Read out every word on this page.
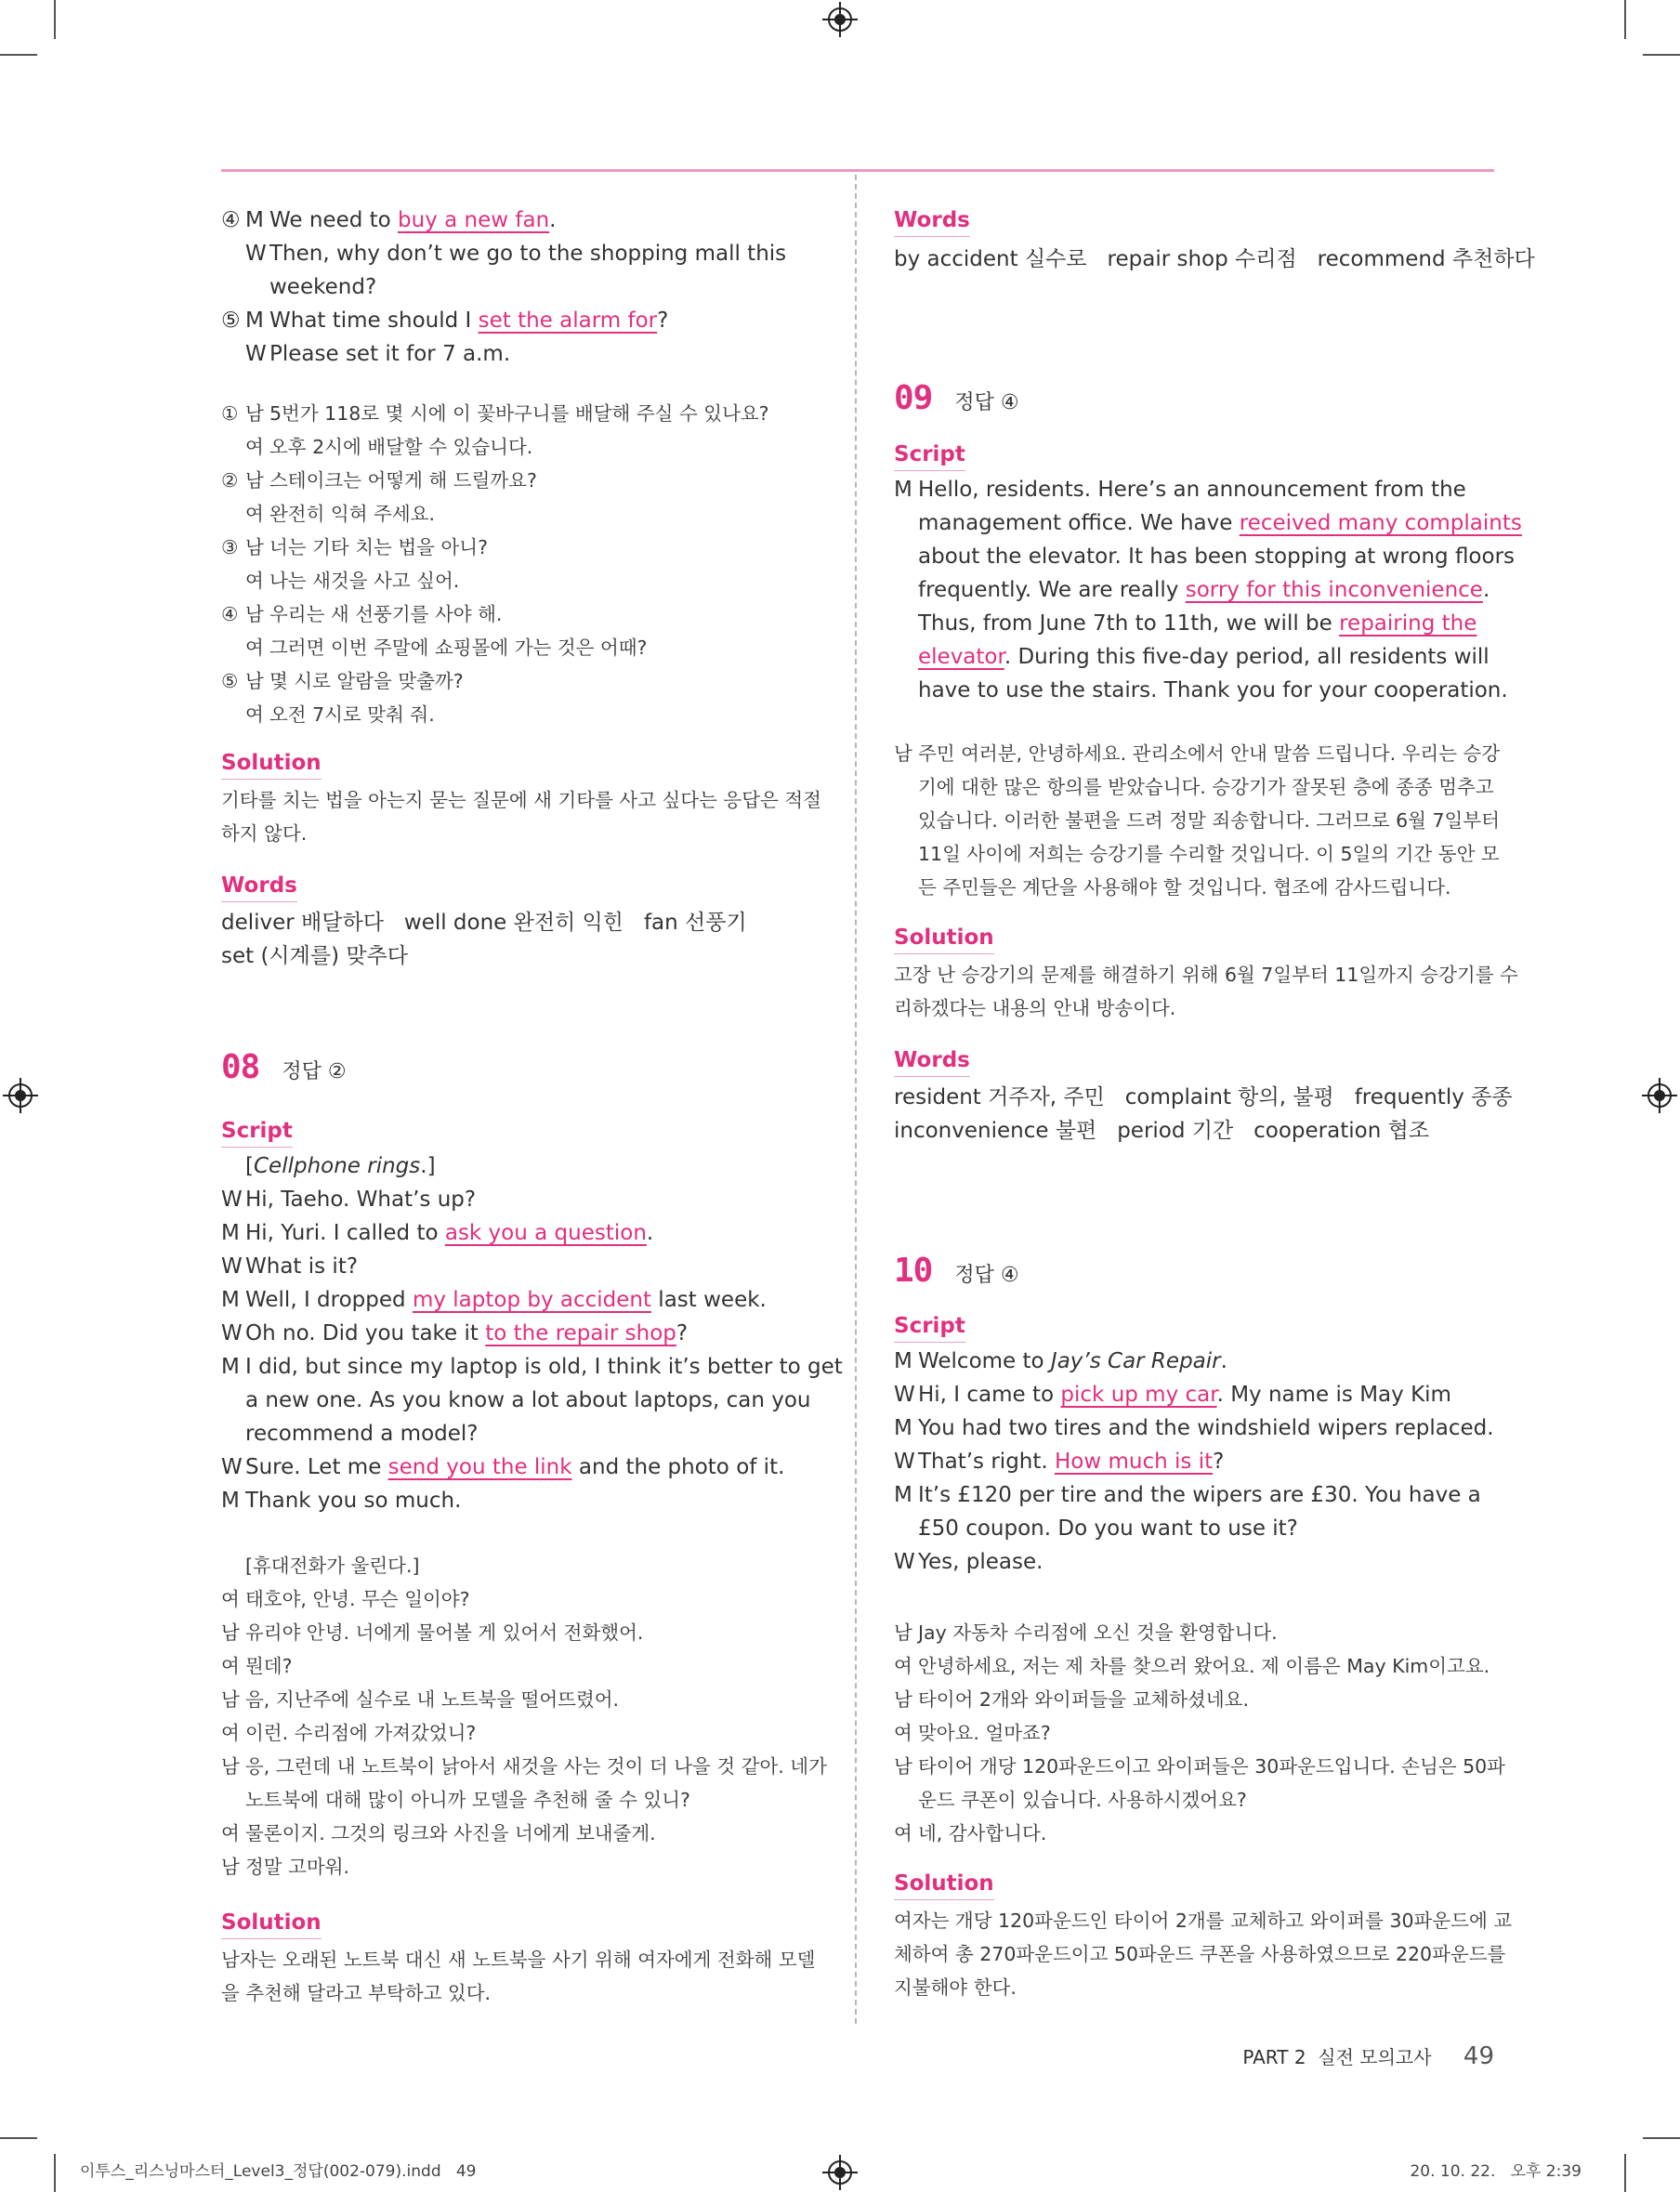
④ M We need to buy a new fan.
W Then, why don’t we go to the shopping mall this
weekend?
⑤ M What time should I set the alarm for?
W Please set it for 7 a.m.
① 남 5번가 118로 몇 시에 이 꽃바구니를 배달해 주실 수 있나요?
여 오후 2시에 배달할 수 있습니다.
② 남 스테이크는 어떻게 해 드릴까요?
여 완전히 익혀 주세요.
③ 남 너는 기타 치는 법을 아니?
여 나는 새것을 사고 싶어.
④ 남 우리는 새 선풍기를 사야 해.
여 그러면 이번 주말에 쇼핑몰에 가는 것은 어때?
⑤ 남 몇 시로 알람을 맞출까?
여 오전 7시로 맞춰 줘.
Solution
기타를 치는 법을 아는지 묻는 질문에 새 기타를 사고 싶다는 응답은 적절
하지 않다.
Words
deliver 배달하다   well done 완전히 익힌   fan 선풍기
set (시계를) 맞추다
08 정답 ②
Script
[Cellphone rings.]
W Hi, Taeho. What’s up?
M Hi, Yuri. I called to ask you a question.
W What is it?
M Well, I dropped my laptop by accident last week.
W Oh no. Did you take it to the repair shop?
M I did, but since my laptop is old, I think it’s better to get
a new one. As you know a lot about laptops, can you
recommend a model?
W Sure. Let me send you the link and the photo of it.
M Thank you so much.
[휴대전화가 울린다.]
여 태호야, 안녕. 무슨 일이야?
남 유리야 안녕. 너에게 물어볼 게 있어서 전화했어.
여 뭔데?
남 음, 지난주에 실수로 내 노트북을 떨어뜨렸어.
여 이런. 수리점에 가져갔었니?
남 응, 그런데 내 노트북이 낡아서 새것을 사는 것이 더 나을 것 같아. 네가
노트북에 대해 많이 아니까 모델을 추천해 줄 수 있니?
여 물론이지. 그것의 링크와 사진을 너에게 보내줄게.
남 정말 고마워.
Solution
남자는 오래된 노트북 대신 새 노트북을 사기 위해 여자에게 전화해 모델
을 추천해 달라고 부탁하고 있다.
Words
by accident 실수로   repair shop 수리점   recommend 추천하다
09 정답 ④
Script
M Hello, residents. Here’s an announcement from the
management office. We have received many complaints
about the elevator. It has been stopping at wrong floors
frequently. We are really sorry for this inconvenience.
Thus, from June 7th to 11th, we will be repairing the
elevator. During this five-day period, all residents will
have to use the stairs. Thank you for your cooperation.
남 주민 여러분, 안녕하세요. 관리소에서 안내 말씀 드립니다. 우리는 승강
기에 대한 많은 항의를 받았습니다. 승강기가 잘못된 층에 종종 멈추고
있습니다. 이러한 불편을 드려 정말 죄송합니다. 그러므로 6월 7일부터
11일 사이에 저희는 승강기를 수리할 것입니다. 이 5일의 기간 동안 모
든 주민들은 계단을 사용해야 할 것입니다. 협조에 감사드립니다.
Solution
고장 난 승강기의 문제를 해결하기 위해 6월 7일부터 11일까지 승강기를 수
리하겠다는 내용의 안내 방송이다.
Words
resident 거주자, 주민   complaint 항의, 불평   frequently 종종
inconvenience 불편   period 기간   cooperation 협조
10 정답 ④
Script
M Welcome to Jay’s Car Repair.
W Hi, I came to pick up my car. My name is May Kim
M You had two tires and the windshield wipers replaced.
W That’s right. How much is it?
M It’s £120 per tire and the wipers are £30. You have a
£50 coupon. Do you want to use it?
W Yes, please.
남 Jay 자동차 수리점에 오신 것을 환영합니다.
여 안녕하세요, 저는 제 차를 찾으러 왔어요. 제 이름은 May Kim이고요.
남 타이어 2개와 와이퍼들을 교체하셨네요.
여 맞아요. 얼마죠?
남 타이어 개당 120파운드이고 와이퍼들은 30파운드입니다. 손님은 50파
운드 쿠폰이 있습니다. 사용하시겠어요?
여 네, 감사합니다.
Solution
여자는 개당 120파운드인 타이어 2개를 교체하고 와이퍼를 30파운드에 교
체하여 총 270파운드이고 50파운드 쿠폰을 사용하였으므로 220파운드를
지불해야 한다.
PART 2  실전 모의고사 49
이투스_리스닝마스터_Level3_정답(002-079).indd   49	20. 10. 22.   오후 2:39
